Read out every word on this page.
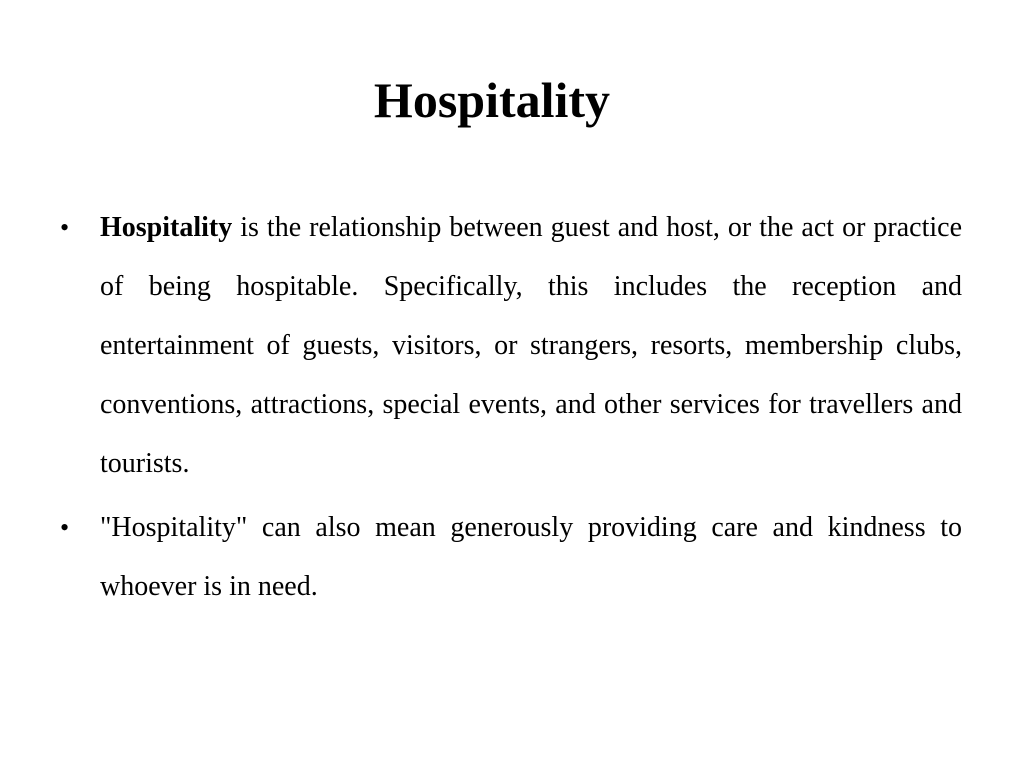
Hospitality
•	Hospitality is the relationship between guest and host, or the act or practice of being hospitable. Specifically, this includes the reception and entertainment of guests, visitors, or strangers, resorts, membership clubs, conventions, attractions, special events, and other services for travellers and tourists.
•	"Hospitality" can also mean generously providing care and kindness to whoever is in need.
